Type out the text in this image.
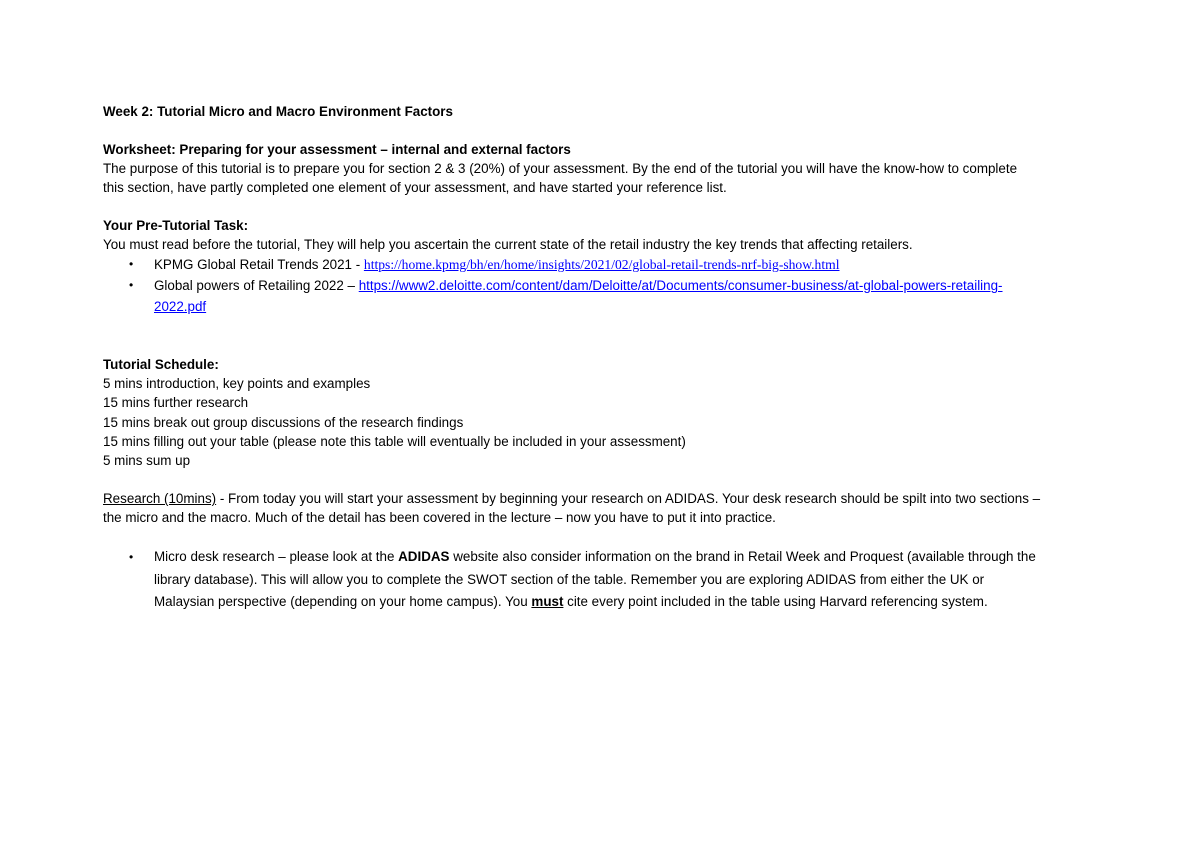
Week 2: Tutorial Micro and Macro Environment Factors

Worksheet: Preparing for your assessment – internal and external factors

The purpose of this tutorial is to prepare you for section 2 & 3 (20%) of your assessment. By the end of the tutorial you will have the know-how to complete

this section, have partly completed one element of your assessment, and have started your reference list.

Your Pre-Tutorial Task:

You must read before the tutorial, They will help you ascertain the current state of the retail industry the key trends that affecting retailers.

• KPMG Global Retail Trends 2021 - https://home.kpmg/bh/en/home/insights/2021/02/global-retail-trends-nrf-big-show.html
• Global powers of Retailing 2022 – https://www2.deloitte.com/content/dam/Deloitte/at/Documents/consumer-business/at-global-powers-retailing-
2022.pdf

Tutorial Schedule:

5 mins introduction, key points and examples

15 mins further research

15 mins break out group discussions of the research findings

15 mins filling out your table (please note this table will eventually be included in your assessment)

5 mins sum up

Research (10mins) - From today you will start your assessment by beginning your research on ADIDAS. Your desk research should be spilt into two sections –

the micro and the macro. Much of the detail has been covered in the lecture – now you have to put it into practice.

• Micro desk research – please look at the ADIDAS website also consider information on the brand in Retail Week and Proquest (available through the
library database). This will allow you to complete the SWOT section of the table. Remember you are exploring ADIDAS from either the UK or
Malaysian perspective (depending on your home campus). You must cite every point included in the table using Harvard referencing system.
